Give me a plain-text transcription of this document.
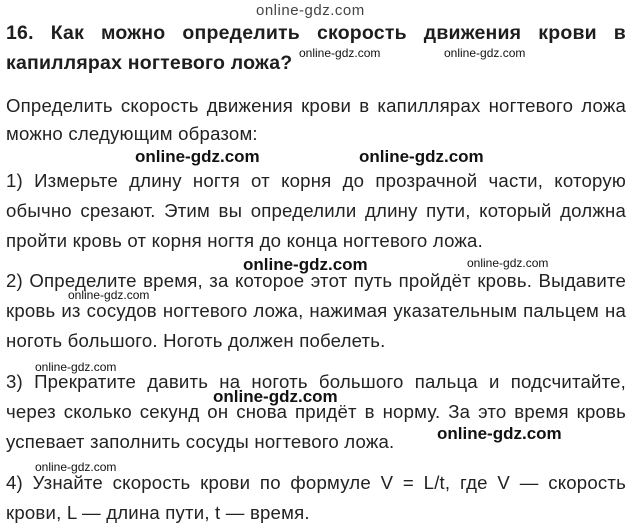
16. Как можно определить скорость движения крови в
капиллярах ногтевого ложа?
Определить скорость движения крови в капиллярах ногтевого ложа
можно следующим образом:
1) Измерьте длину ногтя от корня до прозрачной части, которую
обычно срезают. Этим вы определили длину пути, который должна
пройти кровь от корня ногтя до конца ногтевого ложа.
2) Определите время, за которое этот путь пройдёт кровь. Выдавите
кровь из сосудов ногтевого ложа, нажимая указательным пальцем на
ноготь большого. Ноготь должен побелеть.
3) Прекратите давить на ноготь большого пальца и подсчитайте,
через сколько секунд он снова придёт в норму. За это время кровь
успевает заполнить сосуды ногтевого ложа.
4) Узнайте скорость крови по формуле V = L/t, где V — скорость
крови, L — длина пути, t — время.
online-gdz.com
online-gdz.com	online-gdz.com
online-gdz.com	online-gdz.com
online-gdz.com	online-gdz.com
online-gdz.com
online-gdz.com
online-gdz.com
online-gdz.com
online-gdz.com
